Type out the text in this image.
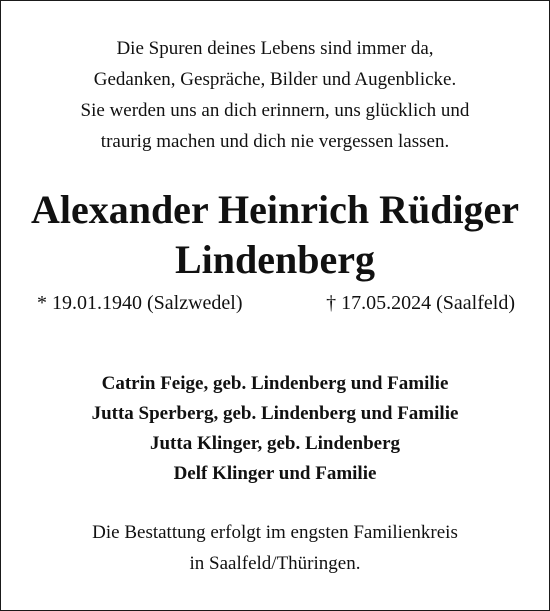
Die Spuren deines Lebens sind immer da,
Gedanken, Gespräche, Bilder und Augenblicke.
Sie werden uns an dich erinnern, uns glücklich und
traurig machen und dich nie vergessen lassen.
Alexander Heinrich Rüdiger
Lindenberg
* 19.01.1940 (Salzwedel)	† 17.05.2024 (Saalfeld)
Catrin Feige, geb. Lindenberg und Familie
Jutta Sperberg, geb. Lindenberg und Familie
Jutta Klinger, geb. Lindenberg
Delf Klinger und Familie
Die Bestattung erfolgt im engsten Familienkreis
in Saalfeld/Thüringen.
